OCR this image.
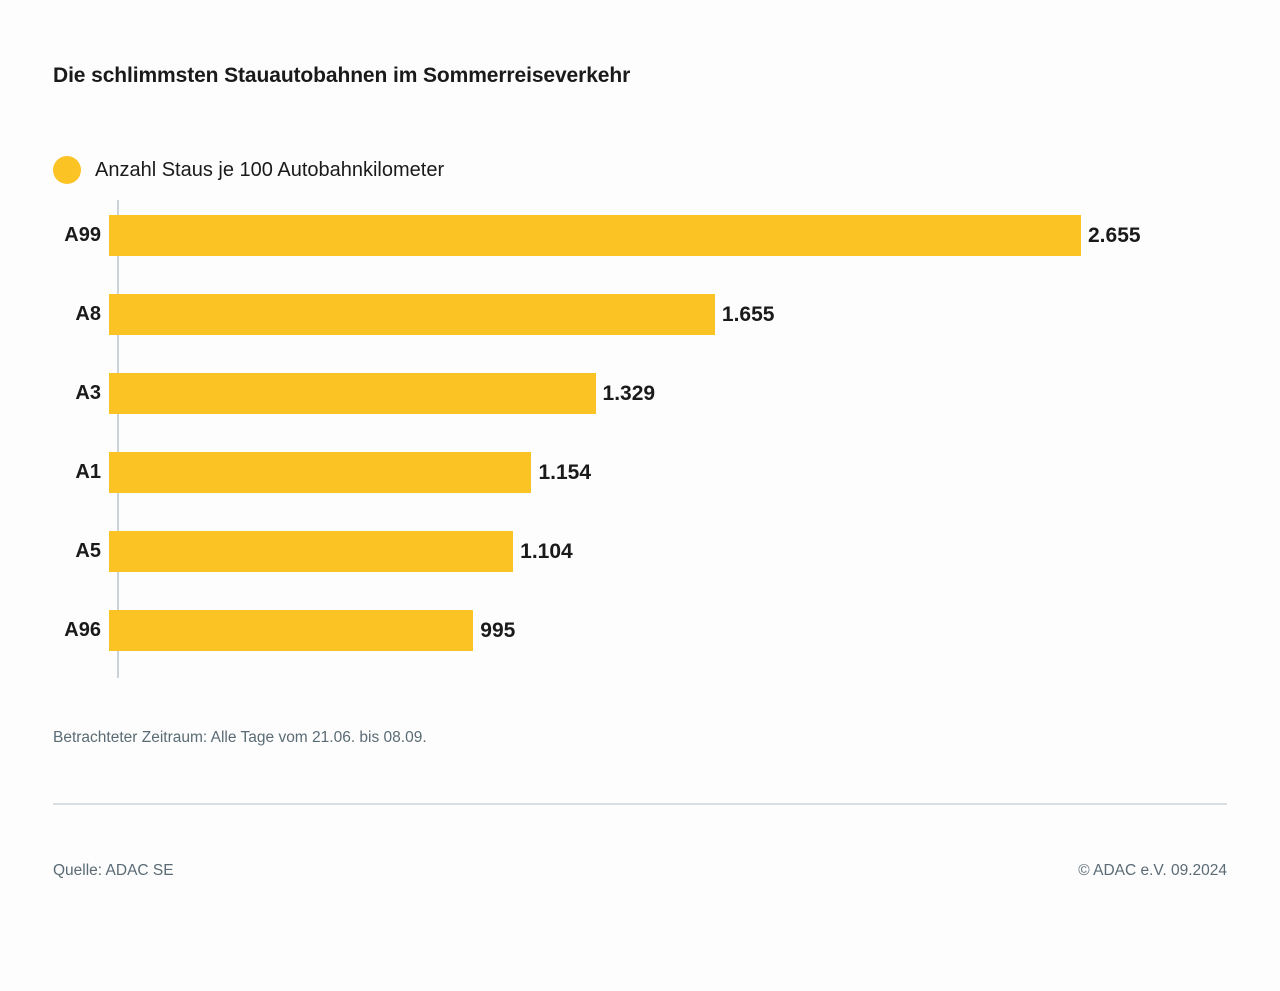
Die schlimmsten Stauautobahnen im Sommerreiseverkehr
Anzahl Staus je 100 Autobahnkilometer
A99	2.655
A8	1.655
A3	1.329
A1	1.154
A5	1.104
A96	995
Betrachteter Zeitraum: Alle Tage vom 21.06. bis 08.09.
Quelle: ADAC SE	© ADAC e.V. 09.2024
